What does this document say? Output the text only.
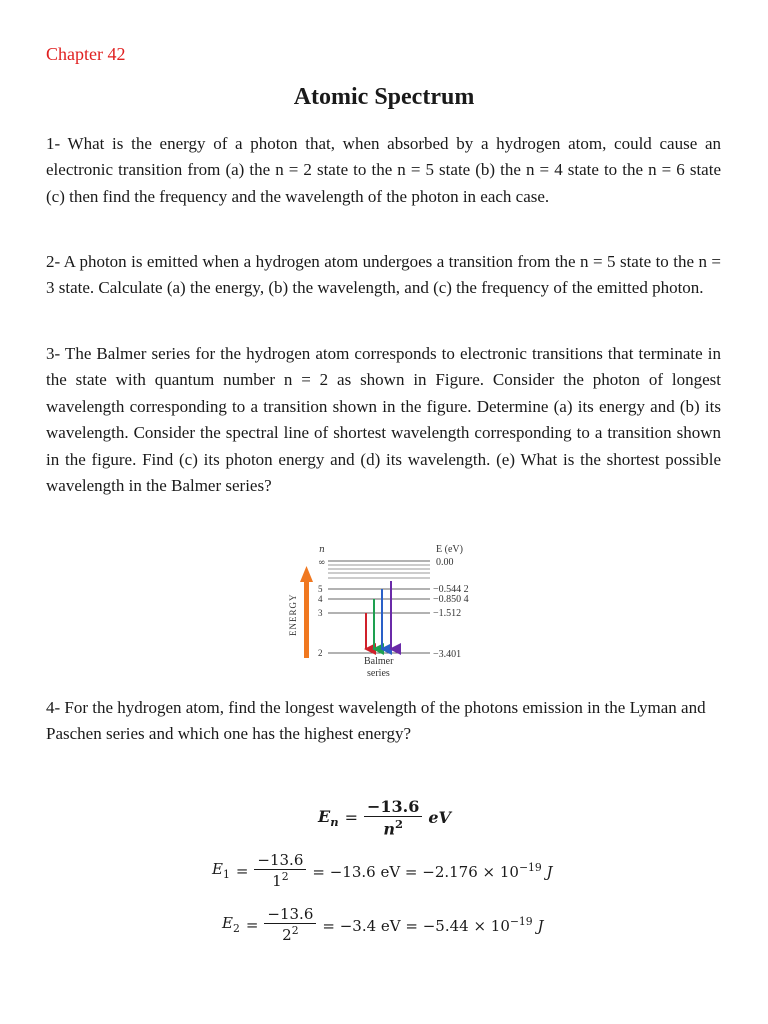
Chapter 42
Atomic Spectrum
1- What is the energy of a photon that, when absorbed by a hydrogen atom, could cause an electronic transition from (a) the n = 2 state to the n = 5 state (b) the n = 4 state to the n = 6 state (c) then find the frequency and the wavelength of the photon in each case.
2- A photon is emitted when a hydrogen atom undergoes a transition from the n = 5 state to the n = 3 state. Calculate (a) the energy, (b) the wavelength, and (c) the frequency of the emitted photon.
3- The Balmer series for the hydrogen atom corresponds to electronic transitions that terminate in the state with quantum number n = 2 as shown in Figure. Consider the photon of longest wavelength corresponding to a transition shown in the figure. Determine (a) its energy and (b) its wavelength. Consider the spectral line of shortest wavelength corresponding to a transition shown in the figure. Find (c) its photon energy and (d) its wavelength. (e) What is the shortest possible wavelength in the Balmer series?
n	E (eV)
ENERGY
∞
5
4
3
2
0.00
−0.544 2
−0.850 4
−1.512
−3.401
Balmer
series
4- For the hydrogen atom, find the longest wavelength of the photons emission in the Lyman and Paschen series and which one has the highest energy?
$E_n = \frac{-13.6}{n^2}$ eV
$E_1 = \frac{-13.6}{1^2} = -13.6$ eV = $-2.176 \times 10^{-19}$ J
$E_2 = \frac{-13.6}{2^2} = -3.4$ eV = $-5.44 \times 10^{-19}$ J
